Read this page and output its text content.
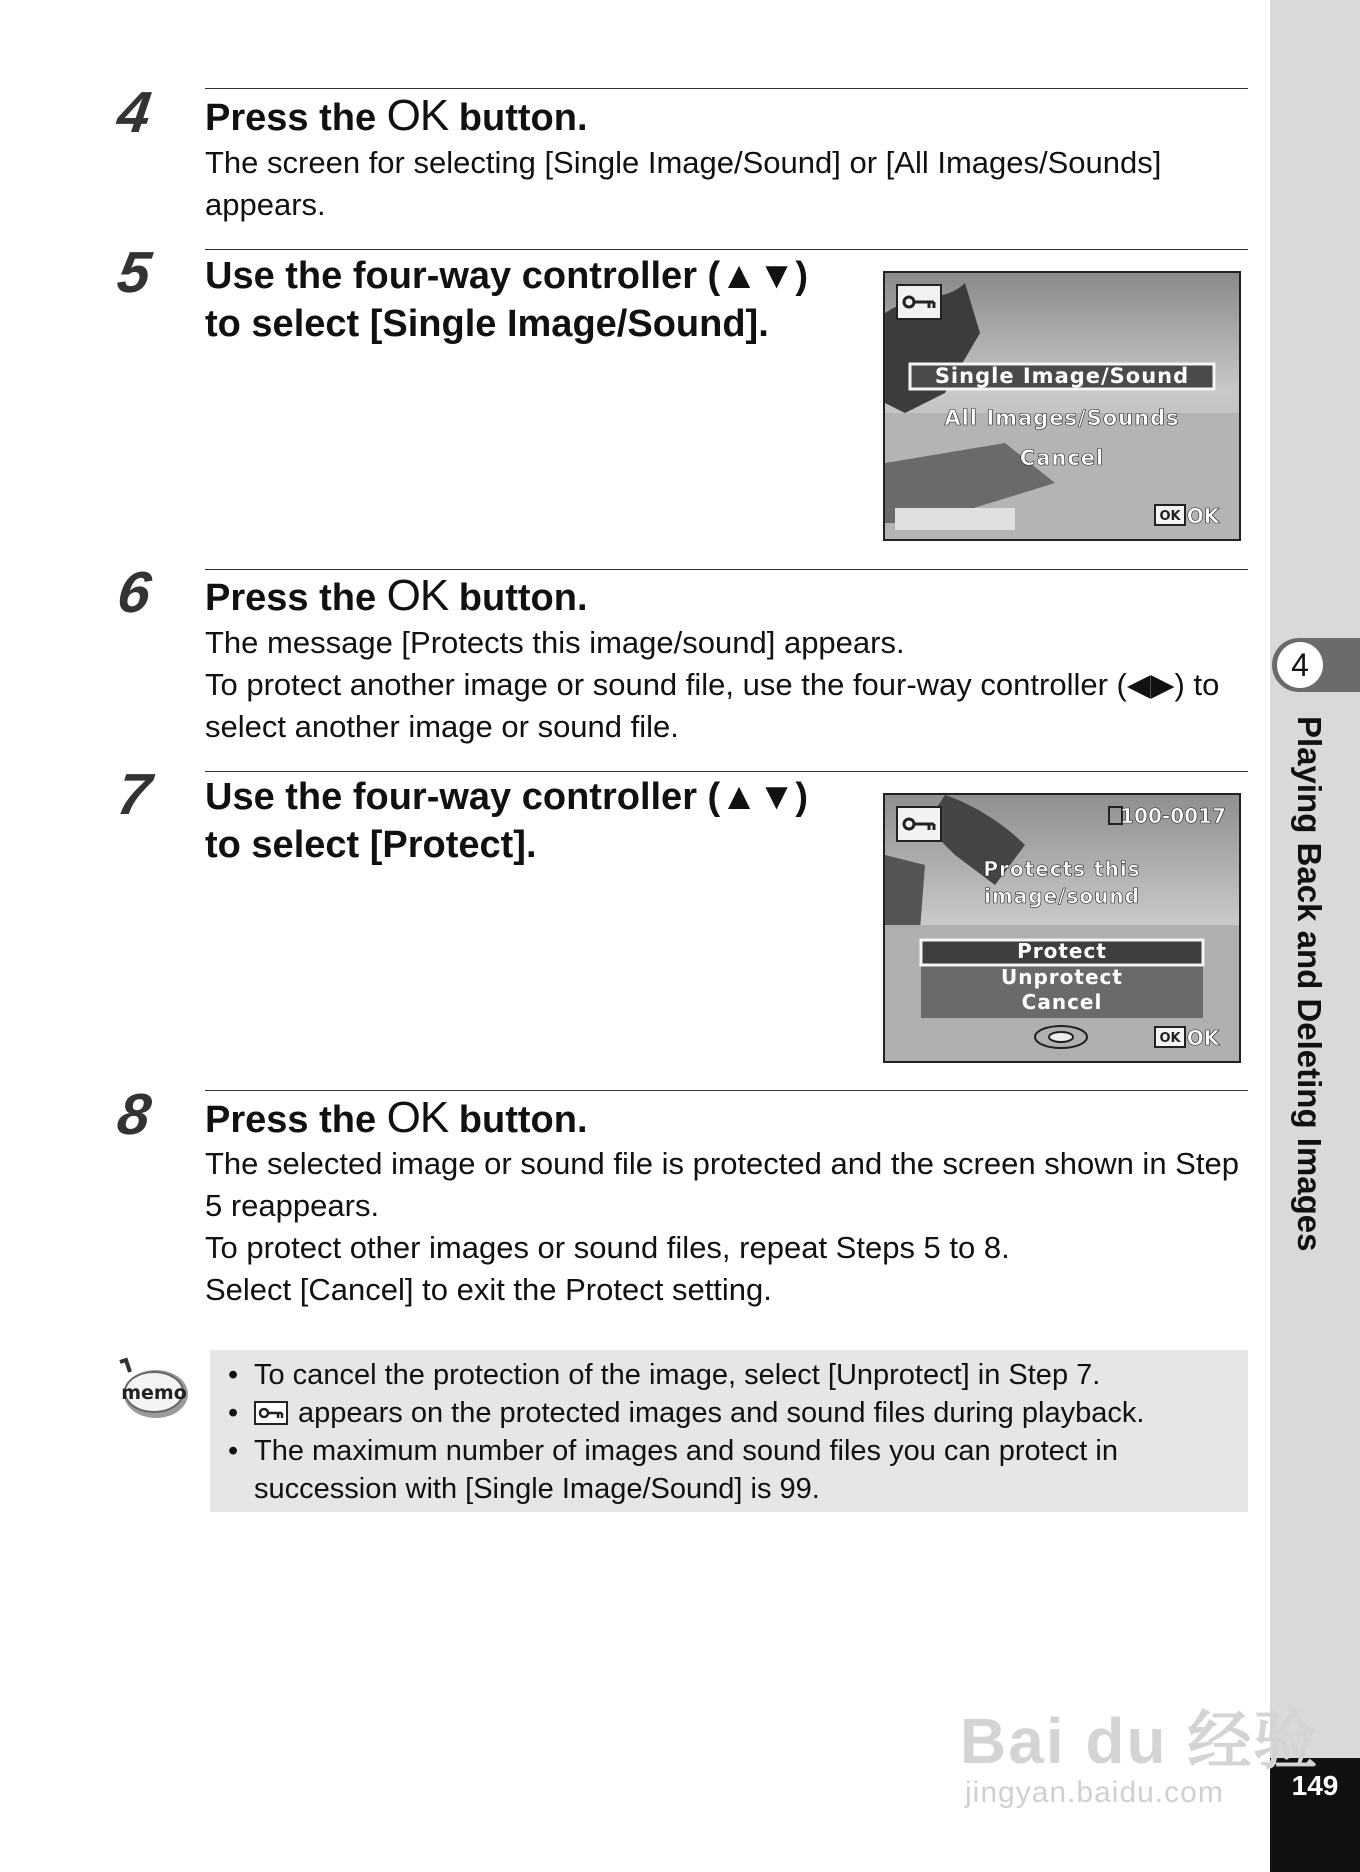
4
Playing Back and Deleting Images
149
4 Press the OK button.

The screen for selecting [Single Image/Sound] or [All Images/Sounds] appears.

5 Use the four-way controller (▲▼)
to select [Single Image/Sound].
Single Image/Sound
All Images/Sounds
Cancel
OK OK
6 Press the OK button.

The message [Protects this image/sound] appears.

To protect another image or sound file, use the four-way controller (◀▶) to select another image or sound file.

7 Use the four-way controller (▲▼)
to select [Protect].
100-0017
Protects this
image/sound
Protect
Unprotect
Cancel
OK OK
8 Press the OK button.

The selected image or sound file is protected and the screen shown in Step 5 reappears.

To protect other images or sound files, repeat Steps 5 to 8.

Select [Cancel] to exit the Protect setting.

memo
• To cancel the protection of the image, select [Unprotect] in Step 7.
• appears on the protected images and sound files during playback.
• The maximum number of images and sound files you can protect in succession with [Single Image/Sound] is 99.
Bai du 经验
jingyan.baidu.com
